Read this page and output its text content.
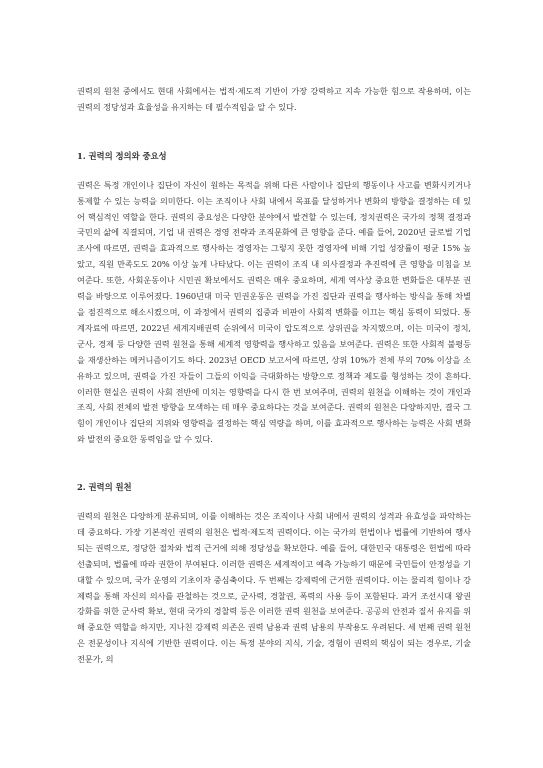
권력의 원천 중에서도 현대 사회에서는 법적·제도적 기반이 가장 강력하고 지속 가능한 힘으로 작용하며, 이는 권력의 정당성과 효율성을 유지하는 데 필수적임을 알 수 있다.

1. 권력의 정의와 중요성

권력은 특정 개인이나 집단이 자신이 원하는 목적을 위해 다른 사람이나 집단의 행동이나 사고를 변화시키거나 통제할 수 있는 능력을 의미한다. 이는 조직이나 사회 내에서 목표를 달성하거나 변화의 방향을 결정하는 데 있어 핵심적인 역할을 한다. 권력의 중요성은 다양한 분야에서 발견할 수 있는데, 정치권력은 국가의 정책 결정과 국민의 삶에 직결되며, 기업 내 권력은 경영 전략과 조직문화에 큰 영향을 준다. 예를 들어, 2020년 글로벌 기업 조사에 따르면, 권력을 효과적으로 행사하는 경영자는 그렇지 못한 경영자에 비해 기업 성장률이 평균 15% 높았고, 직원 만족도도 20% 이상 높게 나타났다. 이는 권력이 조직 내 의사결정과 추진력에 큰 영향을 미침을 보여준다. 또한, 사회운동이나 시민권 확보에서도 권력은 매우 중요하며, 세계 역사상 중요한 변화들은 대부분 권력을 바탕으로 이루어졌다. 1960년대 미국 민권운동은 권력을 가진 집단과 권력을 행사하는 방식을 통해 차별을 점진적으로 해소시켰으며, 이 과정에서 권력의 집중과 비판이 사회적 변화를 이끄는 핵심 동력이 되었다. 통계자료에 따르면, 2022년 세계지배권력 순위에서 미국이 압도적으로 상위권을 차지했으며, 이는 미국이 정치, 군사, 경제 등 다양한 권력 원천을 통해 세계적 영향력을 행사하고 있음을 보여준다. 권력은 또한 사회적 불평등을 재생산하는 메커니즘이기도 하다. 2023년 OECD 보고서에 따르면, 상위 10%가 전체 부의 70% 이상을 소유하고 있으며, 권력을 가진 자들이 그들의 이익을 극대화하는 방향으로 정책과 제도를 형성하는 것이 흔하다. 이러한 현실은 권력이 사회 전반에 미치는 영향력을 다시 한 번 보여주며, 권력의 원천을 이해하는 것이 개인과 조직, 사회 전체의 발전 방향을 모색하는 데 매우 중요하다는 것을 보여준다. 권력의 원천은 다양하지만, 결국 그 힘이 개인이나 집단의 지위와 영향력을 결정하는 핵심 역량을 하며, 이를 효과적으로 행사하는 능력은 사회 변화와 발전의 중요한 동력임을 알 수 있다.

2. 권력의 원천

권력의 원천은 다양하게 분류되며, 이를 이해하는 것은 조직이나 사회 내에서 권력의 성격과 유효성을 파악하는데 중요하다. 가장 기본적인 권력의 원천은 법적·제도적 권력이다. 이는 국가의 헌법이나 법률에 기반하여 행사되는 권력으로, 정당한 절차와 법적 근거에 의해 정당성을 확보한다. 예를 들어, 대한민국 대통령은 헌법에 따라 선출되며, 법률에 따라 권한이 부여된다. 이러한 권력은 세계적이고 예측 가능하기 때문에 국민들이 안정성을 기대할 수 있으며, 국가 운영의 기초이자 중심축이다. 두 번째는 강제력에 근거한 권력이다. 이는 물리적 힘이나 강제력을 통해 자신의 의사를 관철하는 것으로, 군사력, 경찰권, 폭력의 사용 등이 포함된다. 과거 조선시대 왕권 강화를 위한 군사력 확보, 현대 국가의 경찰력 등은 이러한 권력 원천을 보여준다. 공공의 안전과 질서 유지를 위해 중요한 역할을 하지만, 지나친 강제력 의존은 권력 남용과 권력 남용의 부작용도 우려된다. 세 번째 권력 원천은 전문성이나 지식에 기반한 권력이다. 이는 특정 분야의 지식, 기술, 경험이 권력의 핵심이 되는 경우로, 기술 전문가, 의
